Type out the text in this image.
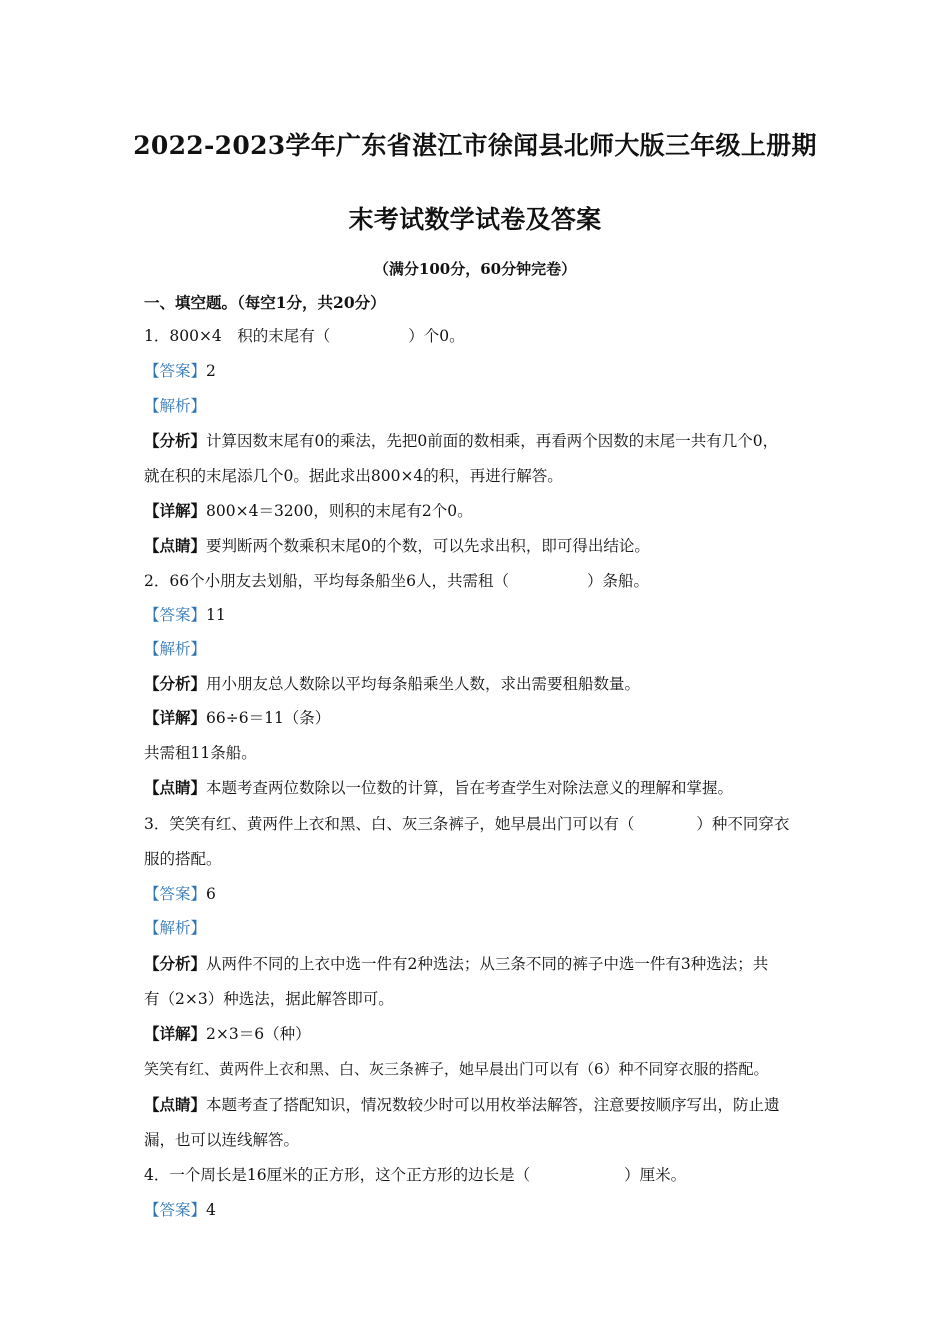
2022-2023学年广东省湛江市徐闻县北师大版三年级上册期
末考试数学试卷及答案
（满分100分，60分钟完卷）
一、填空题。（每空1分，共20分）
1．800×4　积的末尾有（	）个0。
【答案】2
【解析】
【分析】计算因数末尾有0的乘法，先把0前面的数相乘，再看两个因数的末尾一共有几个0，
就在积的末尾添几个0。据此求出800×4的积，再进行解答。
【详解】800×4＝3200，则积的末尾有2个0。
【点睛】要判断两个数乘积末尾0的个数，可以先求出积，即可得出结论。
2．66个小朋友去划船，平均每条船坐6人，共需租（	）条船。
【答案】11
【解析】
【分析】用小朋友总人数除以平均每条船乘坐人数，求出需要租船数量。
【详解】66÷6＝11（条）
共需租11条船。
【点睛】本题考查两位数除以一位数的计算，旨在考查学生对除法意义的理解和掌握。
3．笑笑有红、黄两件上衣和黑、白、灰三条裤子，她早晨出门可以有（	）种不同穿衣
服的搭配。
【答案】6
【解析】
【分析】从两件不同的上衣中选一件有2种选法；从三条不同的裤子中选一件有3种选法；共
有（2×3）种选法，据此解答即可。
【详解】2×3＝6（种）
笑笑有红、黄两件上衣和黑、白、灰三条裤子，她早晨出门可以有（6）种不同穿衣服的搭配。
【点睛】本题考查了搭配知识，情况数较少时可以用枚举法解答，注意要按顺序写出，防止遗
漏，也可以连线解答。
4．一个周长是16厘米的正方形，这个正方形的边长是（	）厘米。
【答案】4
